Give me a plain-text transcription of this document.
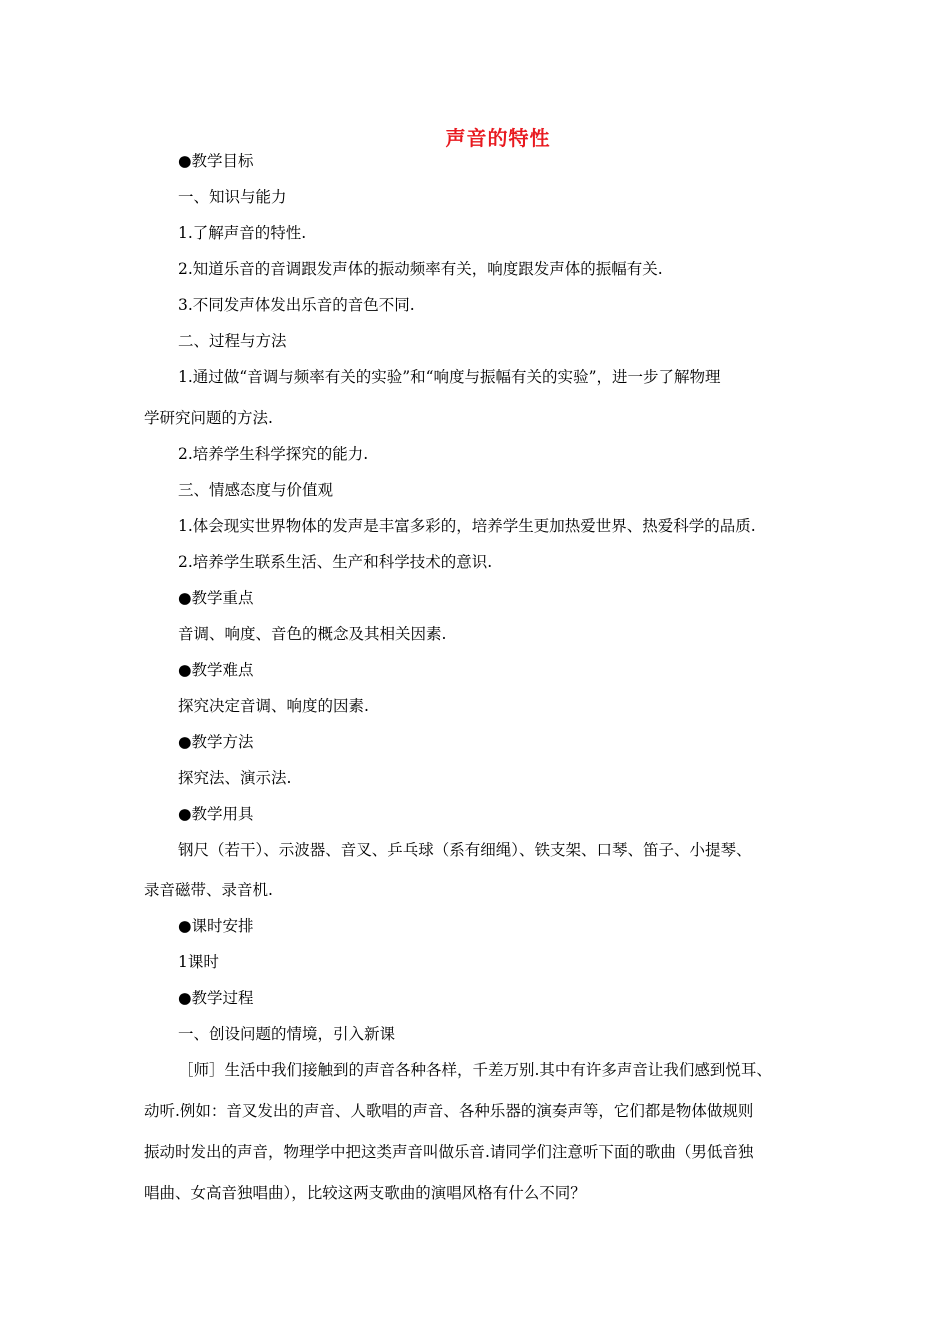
声音的特性
●教学目标
一、知识与能力
1.了解声音的特性.
2.知道乐音的音调跟发声体的振动频率有关，响度跟发声体的振幅有关.
3.不同发声体发出乐音的音色不同.
二、过程与方法
1.通过做“音调与频率有关的实验”和“响度与振幅有关的实验”，进一步了解物理
学研究问题的方法.
2.培养学生科学探究的能力.
三、情感态度与价值观
1.体会现实世界物体的发声是丰富多彩的，培养学生更加热爱世界、热爱科学的品质.
2.培养学生联系生活、生产和科学技术的意识.
●教学重点
音调、响度、音色的概念及其相关因素.
●教学难点
探究决定音调、响度的因素.
●教学方法
探究法、演示法.
●教学用具
钢尺（若干）、示波器、音叉、乒乓球（系有细绳）、铁支架、口琴、笛子、小提琴、
录音磁带、录音机.
●课时安排
1课时
●教学过程
一、创设问题的情境，引入新课
［师］生活中我们接触到的声音各种各样，千差万别.其中有许多声音让我们感到悦耳、
动听.例如：音叉发出的声音、人歌唱的声音、各种乐器的演奏声等，它们都是物体做规则
振动时发出的声音，物理学中把这类声音叫做乐音.请同学们注意听下面的歌曲（男低音独
唱曲、女高音独唱曲），比较这两支歌曲的演唱风格有什么不同？
